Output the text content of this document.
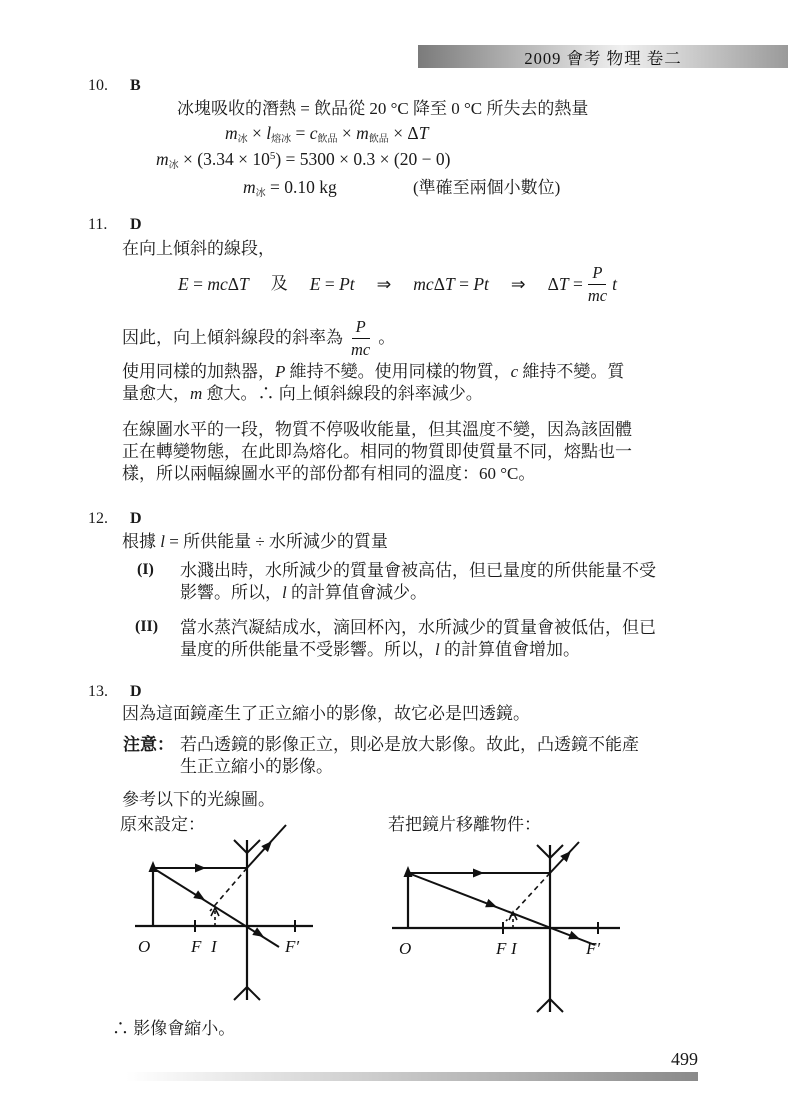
2009 會考 物理 卷二
10. B
冰塊吸收的潛熱 = 飲品從 20 °C 降至 0 °C 所失去的熱量
$m_冰 \times l_{熔冰} = c_{飲品} \times m_{飲品} \times \Delta T$
$m_冰 \times (3.34 \times 10^5) = 5300 \times 0.3 \times (20 - 0)$
$m_冰 = 0.10$ kg	(準確至兩個小數位)
11. D
在向上傾斜的線段，
E = mcΔT 及 E = Pt ⇒ mcΔT = Pt ⇒ $\Delta T = \frac{P}{mc}$ t
因此，向上傾斜線段的斜率為 $\frac{P}{mc}$ 。
使用同樣的加熱器，P 維持不變。使用同樣的物質，c 維持不變。質
量愈大，m 愈大。∴ 向上傾斜線段的斜率減少。
在線圖水平的一段，物質不停吸收能量，但其溫度不變，因為該固體
正在轉變物態，在此即為熔化。相同的物質即使質量不同，熔點也一
樣，所以兩幅線圖水平的部份都有相同的溫度：60 °C。
12. D
根據 l = 所供能量 ÷ 水所減少的質量
(I) 水濺出時，水所減少的質量會被高估，但已量度的所供能量不受
影響。所以，l 的計算值會減少。
(II) 當水蒸汽凝結成水，滴回杯內，水所減少的質量會被低估，但已
量度的所供能量不受影響。所以，l 的計算值會增加。
13. D
因為這面鏡產生了正立縮小的影像，故它必是凹透鏡。
注意： 若凸透鏡的影像正立，則必是放大影像。故此，凸透鏡不能產
生正立縮小的影像。
參考以下的光線圖。
原來設定：	若把鏡片移離物件：
O F I	F′	O	F I	F′
∴ 影像會縮小。
499
